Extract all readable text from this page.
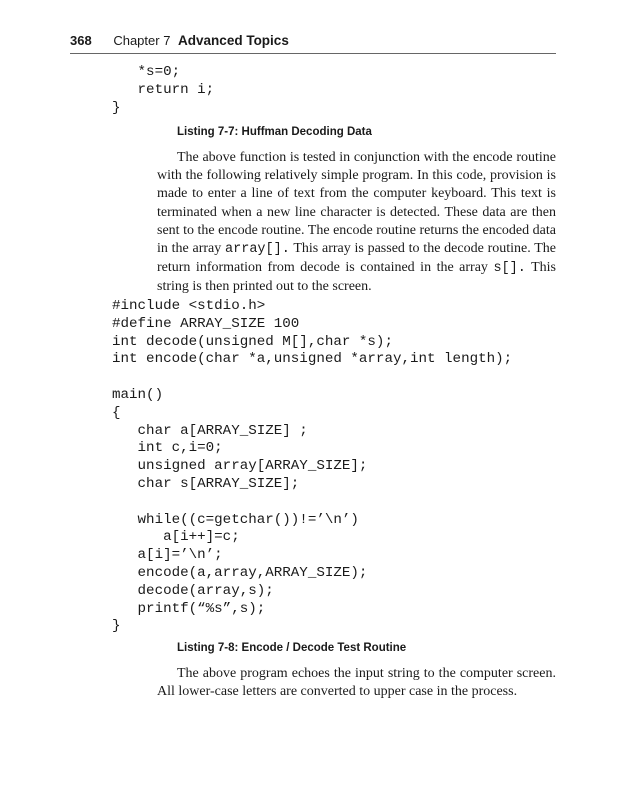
368 Chapter 7 Advanced Topics
*s=0;
return i;
}
Listing 7-7: Huffman Decoding Data
The above function is tested in conjunction with the encode routine with the following relatively simple program. In this code, provision is made to enter a line of text from the computer keyboard. This text is terminated when a new line character is detected. These data are then sent to the encode routine. The encode routine returns the encoded data in the array array[]. This array is passed to the decode routine. The return information from decode is contained in the array s[]. This string is then printed out to the screen.
#include <stdio.h>
#define ARRAY_SIZE 100
int decode(unsigned M[],char *s);
int encode(char *a,unsigned *array,int length);

main()
{
char a[ARRAY_SIZE] ;
int c,i=0;
unsigned array[ARRAY_SIZE];
char s[ARRAY_SIZE];

while((c=getchar())!=’\n’)
a[i++]=c;
a[i]=’\n’;
encode(a,array,ARRAY_SIZE);
decode(array,s);
printf(“%s”,s);
}
Listing 7-8: Encode / Decode Test Routine
The above program echoes the input string to the computer screen. All lower-case letters are converted to upper case in the process.
